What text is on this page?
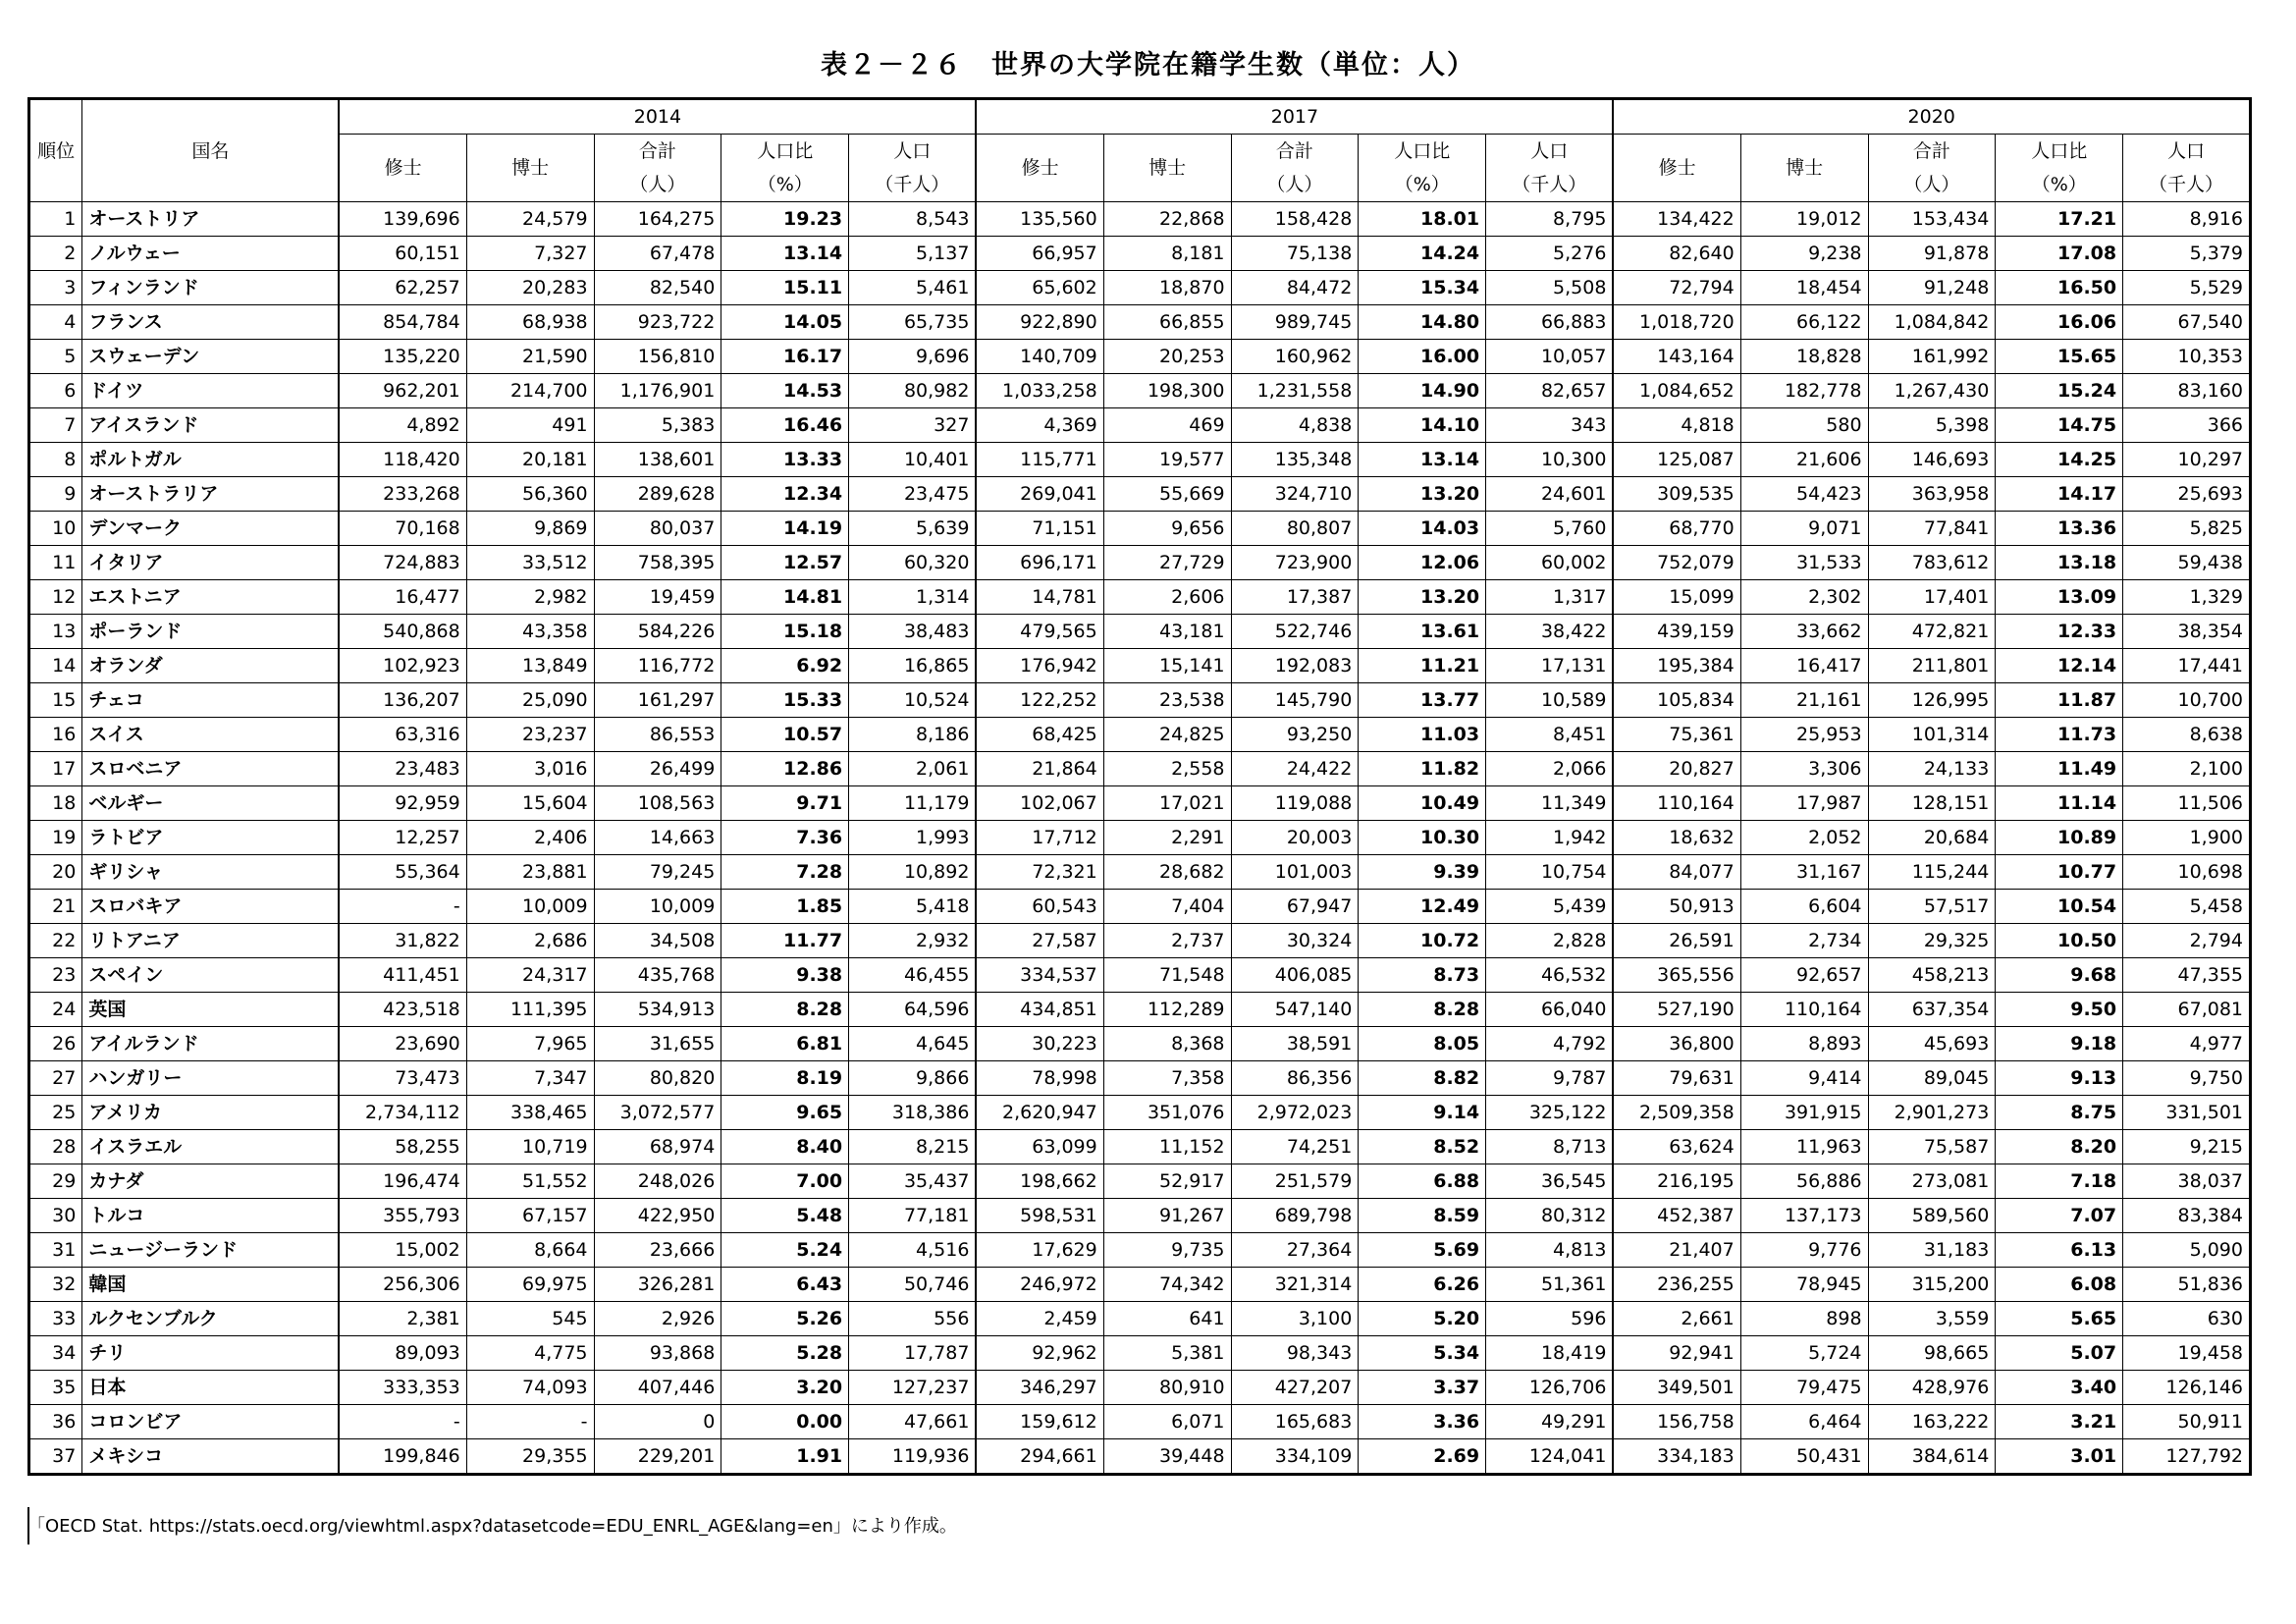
表２－２６　世界の大学院在籍学生数（単位：人）
順位	国名	2014					2017					2020				
		修士	博士	合計	人口比	人口	修士	博士	合計	人口比	人口	修士	博士	合計	人口比	人口
				（人）	（%）	（千人）			（人）	（%）	（千人）			（人）	（%）	（千人）
1	オーストリア	139,696	24,579	164,275	19.23	8,543	135,560	22,868	158,428	18.01	8,795	134,422	19,012	153,434	17.21	8,916
2	ノルウェー	60,151	7,327	67,478	13.14	5,137	66,957	8,181	75,138	14.24	5,276	82,640	9,238	91,878	17.08	5,379
3	フィンランド	62,257	20,283	82,540	15.11	5,461	65,602	18,870	84,472	15.34	5,508	72,794	18,454	91,248	16.50	5,529
4	フランス	854,784	68,938	923,722	14.05	65,735	922,890	66,855	989,745	14.80	66,883	1,018,720	66,122	1,084,842	16.06	67,540
5	スウェーデン	135,220	21,590	156,810	16.17	9,696	140,709	20,253	160,962	16.00	10,057	143,164	18,828	161,992	15.65	10,353
6	ドイツ	962,201	214,700	1,176,901	14.53	80,982	1,033,258	198,300	1,231,558	14.90	82,657	1,084,652	182,778	1,267,430	15.24	83,160
7	アイスランド	4,892	491	5,383	16.46	327	4,369	469	4,838	14.10	343	4,818	580	5,398	14.75	366
8	ポルトガル	118,420	20,181	138,601	13.33	10,401	115,771	19,577	135,348	13.14	10,300	125,087	21,606	146,693	14.25	10,297
9	オーストラリア	233,268	56,360	289,628	12.34	23,475	269,041	55,669	324,710	13.20	24,601	309,535	54,423	363,958	14.17	25,693
10	デンマーク	70,168	9,869	80,037	14.19	5,639	71,151	9,656	80,807	14.03	5,760	68,770	9,071	77,841	13.36	5,825
11	イタリア	724,883	33,512	758,395	12.57	60,320	696,171	27,729	723,900	12.06	60,002	752,079	31,533	783,612	13.18	59,438
12	エストニア	16,477	2,982	19,459	14.81	1,314	14,781	2,606	17,387	13.20	1,317	15,099	2,302	17,401	13.09	1,329
13	ポーランド	540,868	43,358	584,226	15.18	38,483	479,565	43,181	522,746	13.61	38,422	439,159	33,662	472,821	12.33	38,354
14	オランダ	102,923	13,849	116,772	6.92	16,865	176,942	15,141	192,083	11.21	17,131	195,384	16,417	211,801	12.14	17,441
15	チェコ	136,207	25,090	161,297	15.33	10,524	122,252	23,538	145,790	13.77	10,589	105,834	21,161	126,995	11.87	10,700
16	スイス	63,316	23,237	86,553	10.57	8,186	68,425	24,825	93,250	11.03	8,451	75,361	25,953	101,314	11.73	8,638
17	スロベニア	23,483	3,016	26,499	12.86	2,061	21,864	2,558	24,422	11.82	2,066	20,827	3,306	24,133	11.49	2,100
18	ベルギー	92,959	15,604	108,563	9.71	11,179	102,067	17,021	119,088	10.49	11,349	110,164	17,987	128,151	11.14	11,506
19	ラトビア	12,257	2,406	14,663	7.36	1,993	17,712	2,291	20,003	10.30	1,942	18,632	2,052	20,684	10.89	1,900
20	ギリシャ	55,364	23,881	79,245	7.28	10,892	72,321	28,682	101,003	9.39	10,754	84,077	31,167	115,244	10.77	10,698
21	スロバキア	-	10,009	10,009	1.85	5,418	60,543	7,404	67,947	12.49	5,439	50,913	6,604	57,517	10.54	5,458
22	リトアニア	31,822	2,686	34,508	11.77	2,932	27,587	2,737	30,324	10.72	2,828	26,591	2,734	29,325	10.50	2,794
23	スペイン	411,451	24,317	435,768	9.38	46,455	334,537	71,548	406,085	8.73	46,532	365,556	92,657	458,213	9.68	47,355
24	英国	423,518	111,395	534,913	8.28	64,596	434,851	112,289	547,140	8.28	66,040	527,190	110,164	637,354	9.50	67,081
26	アイルランド	23,690	7,965	31,655	6.81	4,645	30,223	8,368	38,591	8.05	4,792	36,800	8,893	45,693	9.18	4,977
27	ハンガリー	73,473	7,347	80,820	8.19	9,866	78,998	7,358	86,356	8.82	9,787	79,631	9,414	89,045	9.13	9,750
25	アメリカ	2,734,112	338,465	3,072,577	9.65	318,386	2,620,947	351,076	2,972,023	9.14	325,122	2,509,358	391,915	2,901,273	8.75	331,501
28	イスラエル	58,255	10,719	68,974	8.40	8,215	63,099	11,152	74,251	8.52	8,713	63,624	11,963	75,587	8.20	9,215
29	カナダ	196,474	51,552	248,026	7.00	35,437	198,662	52,917	251,579	6.88	36,545	216,195	56,886	273,081	7.18	38,037
30	トルコ	355,793	67,157	422,950	5.48	77,181	598,531	91,267	689,798	8.59	80,312	452,387	137,173	589,560	7.07	83,384
31	ニュージーランド	15,002	8,664	23,666	5.24	4,516	17,629	9,735	27,364	5.69	4,813	21,407	9,776	31,183	6.13	5,090
32	韓国	256,306	69,975	326,281	6.43	50,746	246,972	74,342	321,314	6.26	51,361	236,255	78,945	315,200	6.08	51,836
33	ルクセンブルク	2,381	545	2,926	5.26	556	2,459	641	3,100	5.20	596	2,661	898	3,559	5.65	630
34	チリ	89,093	4,775	93,868	5.28	17,787	92,962	5,381	98,343	5.34	18,419	92,941	5,724	98,665	5.07	19,458
35	日本	333,353	74,093	407,446	3.20	127,237	346,297	80,910	427,207	3.37	126,706	349,501	79,475	428,976	3.40	126,146
36	コロンビア	-	-	0	0.00	47,661	159,612	6,071	165,683	3.36	49,291	156,758	6,464	163,222	3.21	50,911
37	メキシコ	199,846	29,355	229,201	1.91	119,936	294,661	39,448	334,109	2.69	124,041	334,183	50,431	384,614	3.01	127,792
「OECD Stat. https://stats.oecd.org/viewhtml.aspx?datasetcode=EDU_ENRL_AGE&lang=en」により作成。
